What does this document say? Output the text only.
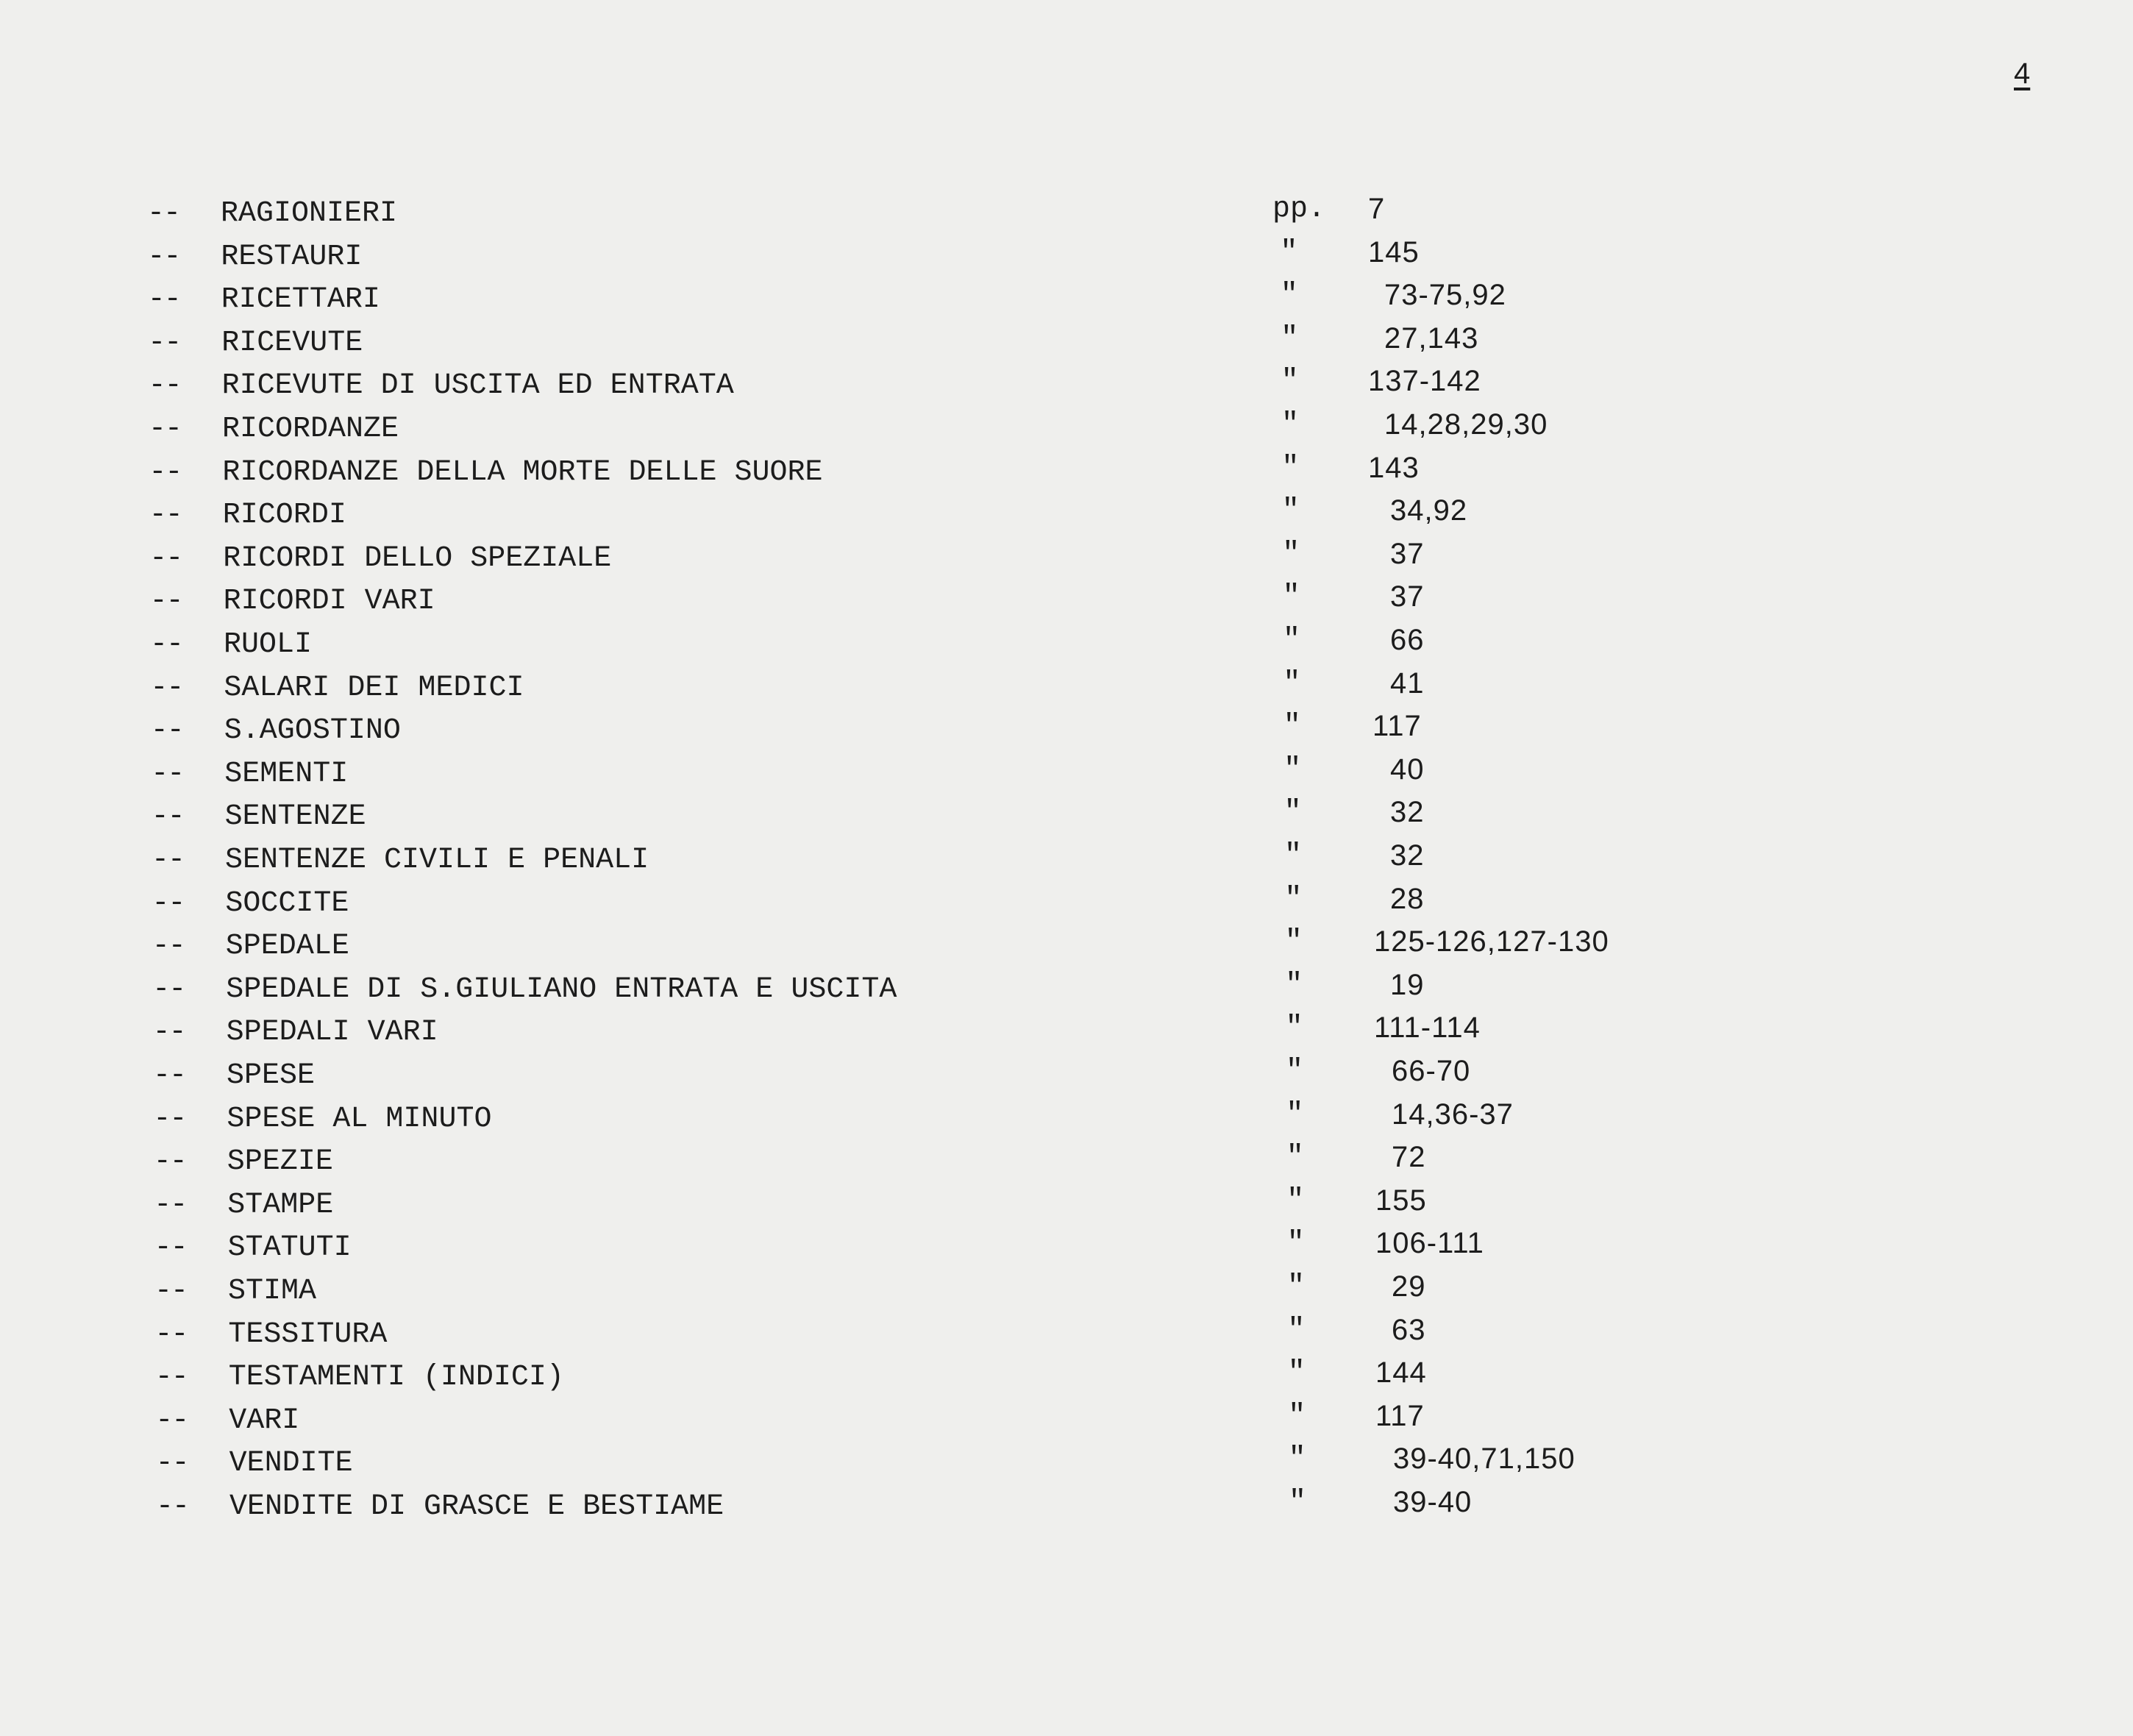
4
-- RAGIONIERI	pp. 7
-- RESTAURI	" 145
-- RICETTARI	"	73-75,92
-- RICEVUTE	"	27,143
-- RICEVUTE DI USCITA ED ENTRATA	" 137-142
-- RICORDANZE	"	14,28,29,30
-- RICORDANZE DELLA MORTE DELLE SUORE	" 143
-- RICORDI	"	34,92
-- RICORDI DELLO SPEZIALE	"	37
-- RICORDI VARI	"	37
-- RUOLI	"	66
-- SALARI DEI MEDICI	"	41
-- S.AGOSTINO	" 117
-- SEMENTI	"	40
-- SENTENZE	"	32
-- SENTENZE CIVILI E PENALI	"	32
-- SOCCITE	"	28
-- SPEDALE	" 125-126,127-130
-- SPEDALE DI S.GIULIANO ENTRATA E USCITA	"	19
-- SPEDALI VARI	" 111-114
-- SPESE	"	66-70
-- SPESE AL MINUTO	"	14,36-37
-- SPEZIE	"	72
-- STAMPE	" 155
-- STATUTI	" 106-111
-- STIMA	"	29
-- TESSITURA	"	63
-- TESTAMENTI (INDICI)	" 144
-- VARI	" 117
-- VENDITE	"	39-40,71,150
-- VENDITE DI GRASCE E BESTIAME	"	39-40
